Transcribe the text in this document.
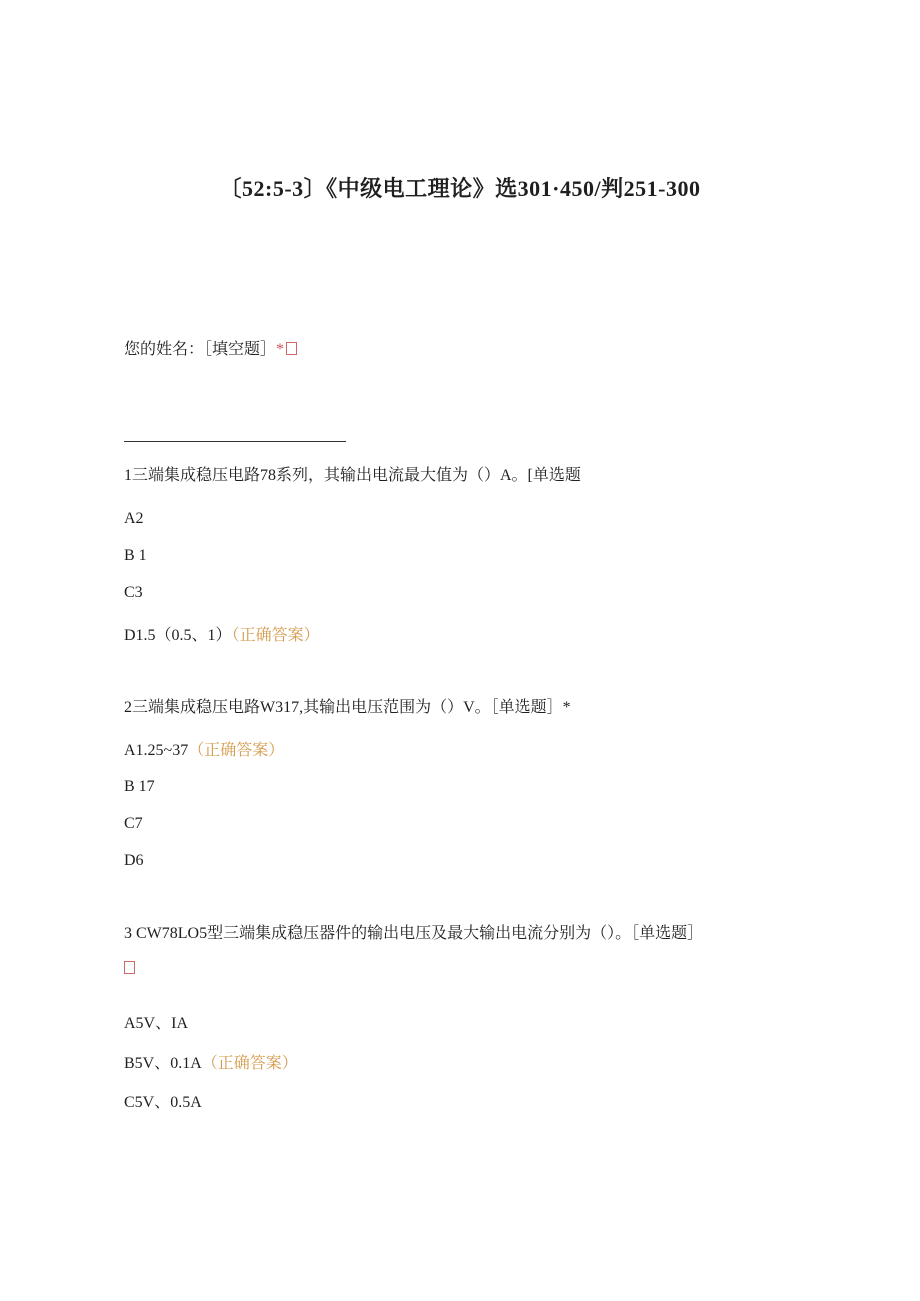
〔52:5-3〕《中级电工理论》选301·450/判251-300
您的姓名：［填空题］*
1三端集成稳压电路78系列，其输出电流最大值为（）A。[单选题
A2
B 1
C3
D1.5（0.5、1）（正确答案）
2三端集成稳压电路W317,其输出电压范围为（）V。［单选题］*
A1.25~37（正确答案）
B 17
C7
D6
3 CW78LO5型三端集成稳压器件的输出电压及最大输出电流分别为（）。［单选题］
A5V、IA
B5V、0.1A（正确答案）
C5V、0.5A
